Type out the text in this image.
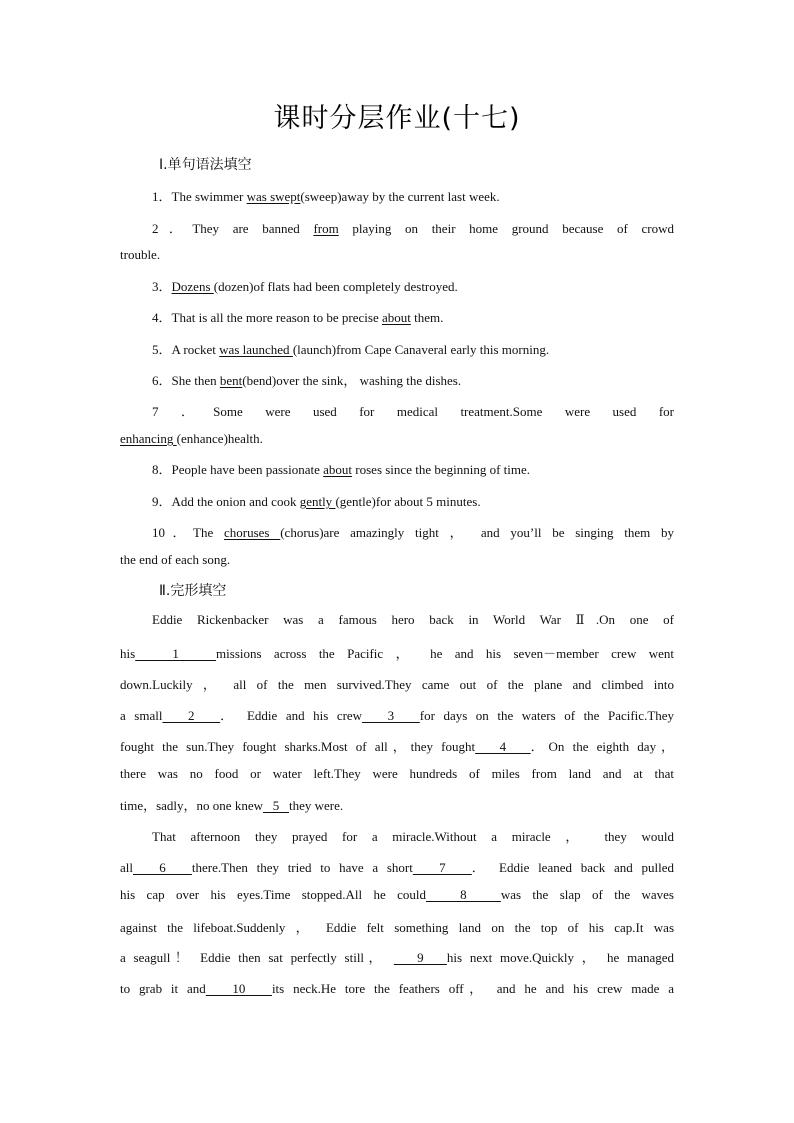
课时分层作业(十七)
Ⅰ.单句语法填空
1．The swimmer was swept(sweep)away by the current last week.
2．They are banned from playing on their home ground because of crowd
trouble.
3．Dozens (dozen)of flats had been completely destroyed.
4．That is all the more reason to be precise about them.
5．A rocket was launched (launch)from Cape Canaveral early this morning.
6．She then bent(bend)over the sink， washing the dishes.
7 ．Some were used for medical treatment.Some were used for
enhancing (enhance)health.
8．People have been passionate about roses since the beginning of time.
9．Add the onion and cook gently (gentle)for about 5 minutes.
10．The choruses (chorus)are amazingly tight ， and you’ll be singing them by
the end of each song.
Ⅱ.完形填空
Eddie Rickenbacker was a famous hero back in World War Ⅱ.On one of
his   1   missions across the Pacific ， he and his seven－member crew went
down.Luckily ， all of the men survived.They came out of the plane and climbed into
a small   2   ． Eddie and his crew   3   for days on the waters of the Pacific.They
fought the sun.They fought sharks.Most of all，they fought   4   ．On the eighth day，
there was no food or water left.They were hundreds of miles from land and at that
time，sadly，no one knew   5   they were.
That afternoon they prayed for a miracle.Without a miracle ， they would
all   6   there.Then they tried to have a short   7   ． Eddie leaned back and pulled
his cap over his eyes.Time stopped.All he could   8   was the slap of the waves
against the lifeboat.Suddenly ， Eddie felt something land on the top of his cap.It was
a seagull！ Eddie then sat perfectly still，    9   his next move.Quickly ， he managed
to grab it and   10   its neck.He tore the feathers off， and he and his crew made a
